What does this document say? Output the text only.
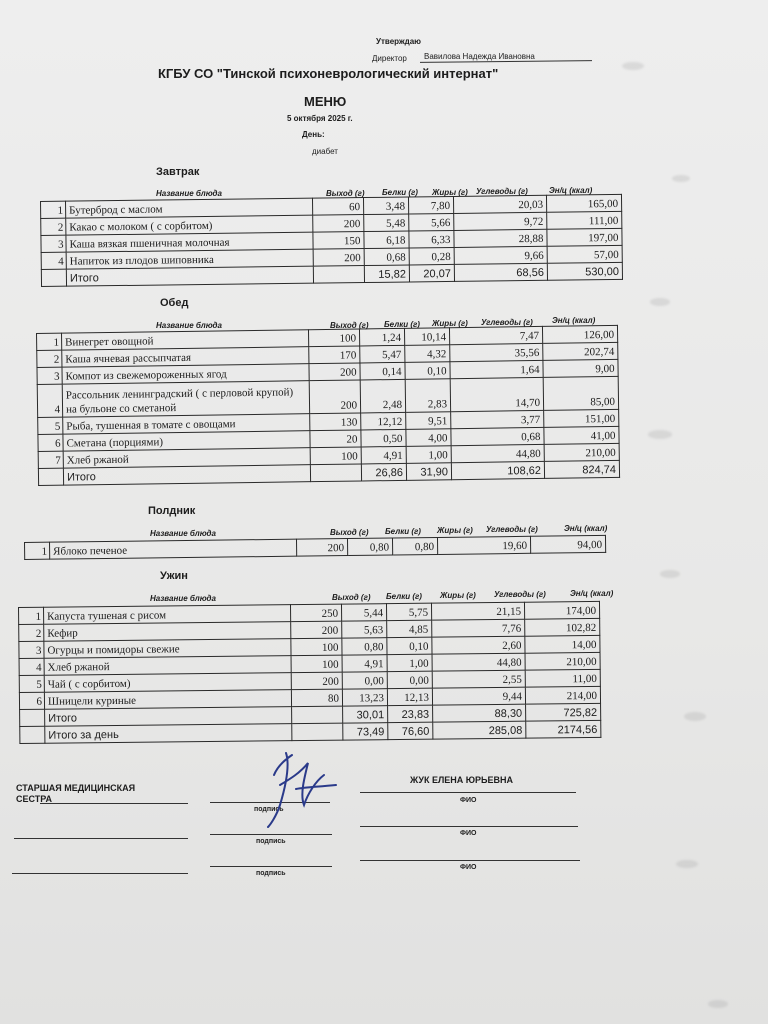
Утверждаю
Директор Вавилова Надежда Ивановна
КГБУ СО "Тинской психоневрологический интернат"
МЕНЮ
5 октября 2025 г.
День:
диабет
Завтрак
Название блюда	Выход (г) Белки (г) Жиры (г) Углеводы (г)	Эн/ц (ккал)
1	Бутерброд с маслом	60	3,48	7,80	20,03	165,00
2	Какао с молоком ( с сорбитом)	200	5,48	5,66	9,72	111,00
3	Каша вязкая пшеничная молочная	150	6,18	6,33	28,88	197,00
4	Напиток из плодов шиповника	200	0,68	0,28	9,66	57,00
	Итого		15,82	20,07	68,56	530,00
Обед
Название блюда	Выход (г) Белки (г) Жиры (г) Углеводы (г) Эн/ц (ккал)
1	Винегрет овощной	100	1,24	10,14	7,47	126,00
2	Каша ячневая рассыпчатая	170	5,47	4,32	35,56	202,74
3	Компот из свежемороженных ягод	200	0,14	0,10	1,64	9,00
4	Рассольник ленинградский ( с перловой крупой) на бульоне со сметаной	200	2,48	2,83	14,70	85,00
5	Рыба, тушенная в томате с овощами	130	12,12	9,51	3,77	151,00
6	Сметана (порциями)	20	0,50	4,00	0,68	41,00
7	Хлеб ржаной	100	4,91	1,00	44,80	210,00
	Итого		26,86	31,90	108,62	824,74
Полдник
Название блюда	Выход (г) Белки (г) Жиры (г) Углеводы (г)	Эн/ц (ккал)
1	Яблоко печеное	200	0,80	0,80	19,60	94,00
Ужин
Название блюда	Выход (г) Белки (г) Жиры (г) Углеводы (г)	Эн/ц (ккал)
1	Капуста тушеная с рисом	250	5,44	5,75	21,15	174,00
2	Кефир	200	5,63	4,85	7,76	102,82
3	Огурцы и помидоры свежие	100	0,80	0,10	2,60	14,00
4	Хлеб ржаной	100	4,91	1,00	44,80	210,00
5	Чай ( с сорбитом)	200	0,00	0,00	2,55	11,00
6	Шницели куриные	80	13,23	12,13	9,44	214,00
	Итого		30,01	23,83	88,30	725,82
	Итого за день		73,49	76,60	285,08	2174,56
СТАРШАЯ МЕДИЦИНСКАЯ СЕСТРА
ЖУК ЕЛЕНА ЮРЬЕВНА
подпись
ФИО
подпись
ФИО
подпись
ФИО
